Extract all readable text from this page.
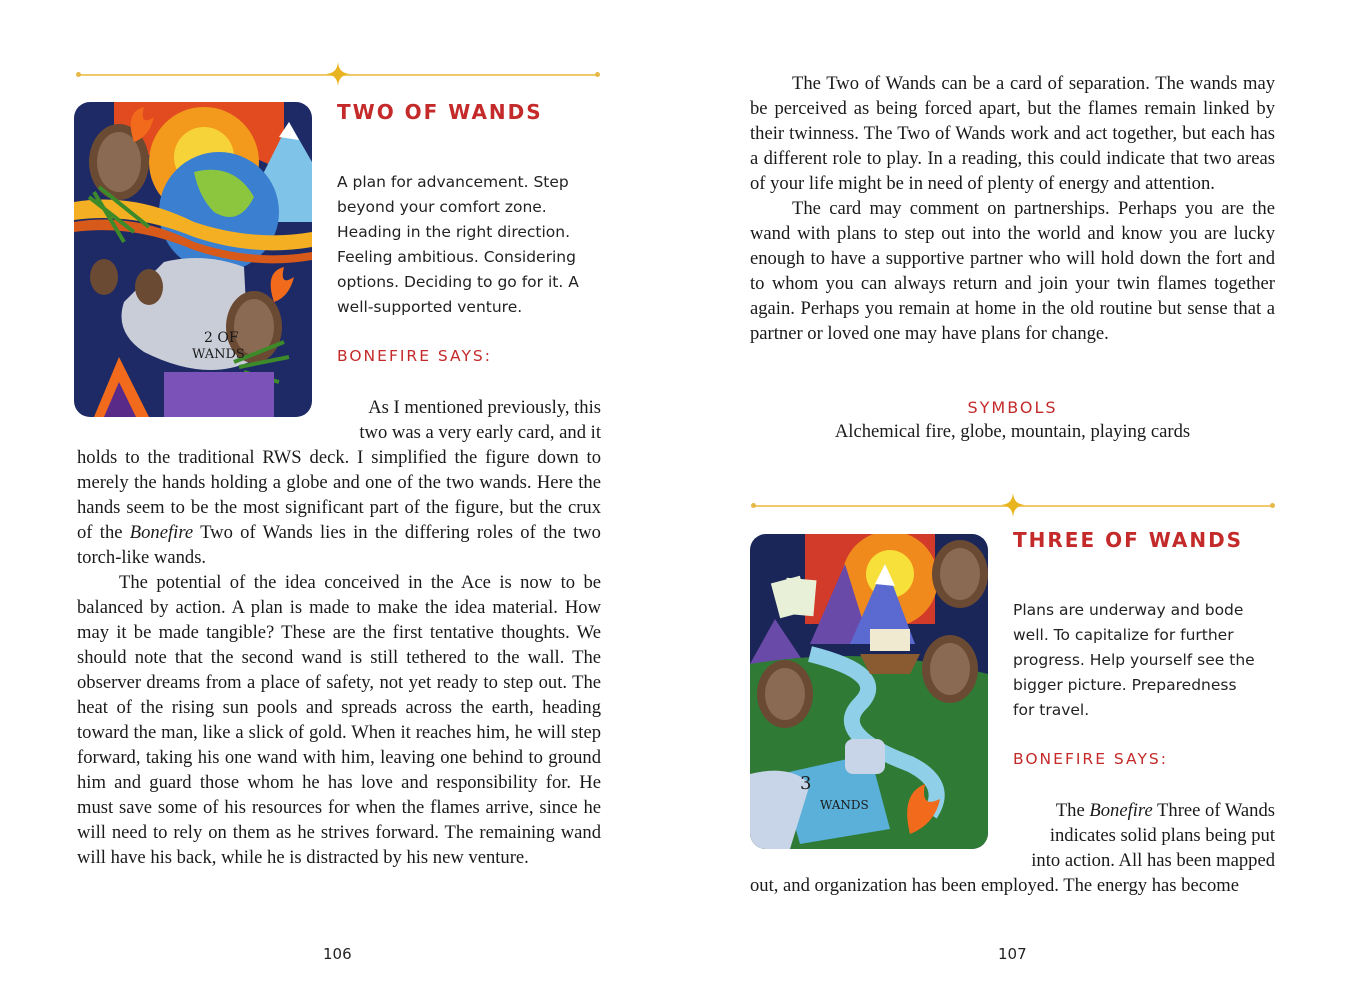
2 OF
WANDS
TWO OF WANDS
A plan for advancement. Step
beyond your comfort zone.
Heading in the right direction.
Feeling ambitious. Considering
options. Deciding to go for it. A
well-supported venture.
BONEFIRE SAYS:
As I mentioned previously, this
two was a very early card, and it

holds to the traditional RWS deck. I simplified the figure down to merely the hands holding a globe and one of the two wands. Here the hands seem to be the most significant part of the figure, but the crux of the Bonefire Two of Wands lies in the differing roles of the two torch-like wands.

The potential of the idea conceived in the Ace is now to be balanced by action. A plan is made to make the idea material. How may it be made tangible? These are the first tentative thoughts. We should note that the second wand is still tethered to the wall. The observer dreams from a place of safety, not yet ready to step out. The heat of the rising sun pools and spreads across the earth, heading toward the man, like a slick of gold. When it reaches him, he will step forward, taking his one wand with him, leaving one behind to ground him and guard those whom he has love and responsibility for. He must save some of his resources for when the flames arrive, since he will need to rely on them as he strives forward. The remaining wand will have his back, while he is distracted by his new venture.

106

The Two of Wands can be a card of separation. The wands may be perceived as being forced apart, but the flames remain linked by their twinness. The Two of Wands work and act together, but each has a different role to play. In a reading, this could indicate that two areas of your life might be in need of plenty of energy and attention.

The card may comment on partnerships. Perhaps you are the wand with plans to step out into the world and know you are lucky enough to have a supportive partner who will hold down the fort and to whom you can always return and join your twin flames together again. Perhaps you remain at home in the old routine but sense that a partner or loved one may have plans for change.

SYMBOLS
Alchemical fire, globe, mountain, playing cards
3
WANDS
THREE OF WANDS
Plans are underway and bode
well. To capitalize for further
progress. Help yourself see the
bigger picture. Preparedness
for travel.
BONEFIRE SAYS:
The Bonefire Three of Wands
indicates solid plans being put
into action. All has been mapped
out, and organization has been employed. The energy has become
107
